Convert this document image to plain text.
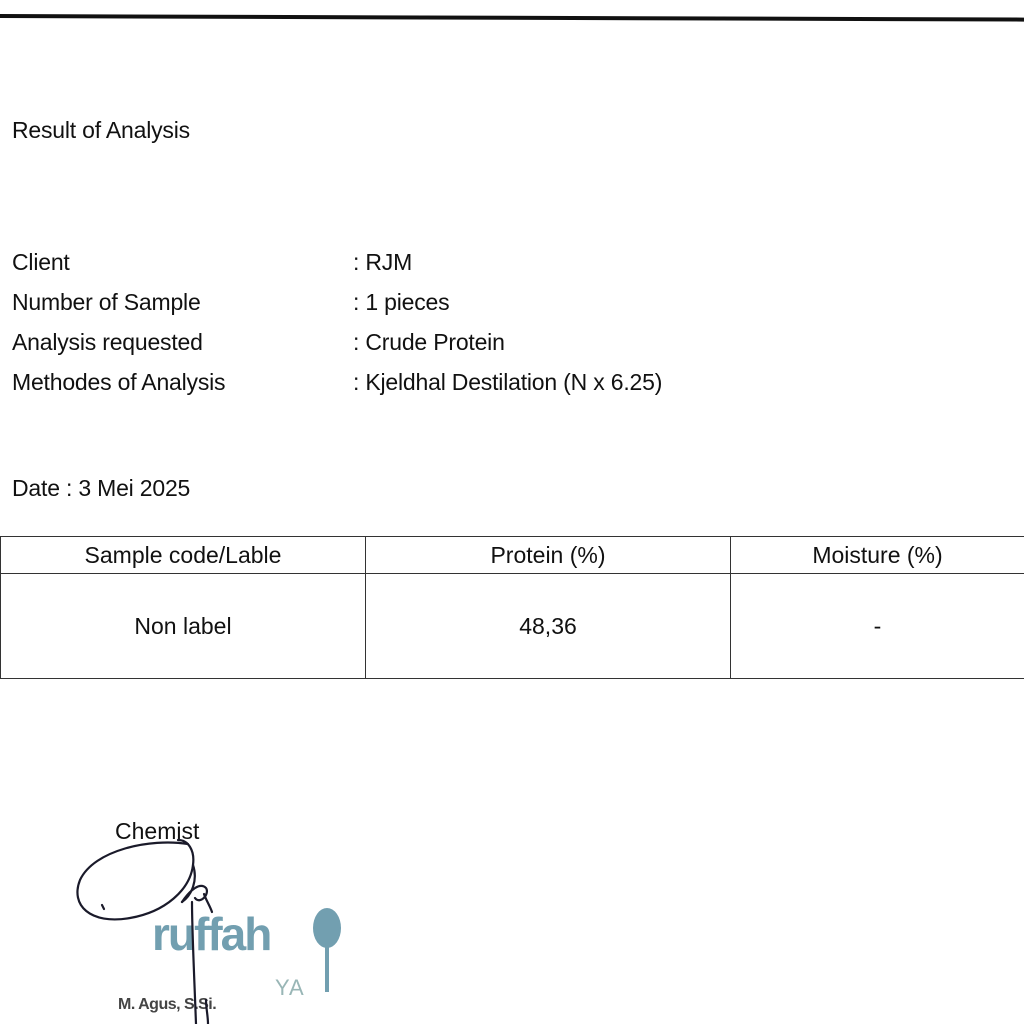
Result of Analysis
Client	: RJM
Number of Sample	: 1 pieces
Analysis requested	: Crude Protein
Methodes of Analysis	: Kjeldhal Destilation (N x 6.25)
Date : 3 Mei 2025
Sample code/Lable	Protein (%)	Moisture (%)
Non label	48,36	-
Chemist
ruffah
YA
M. Agus, S.Si.
